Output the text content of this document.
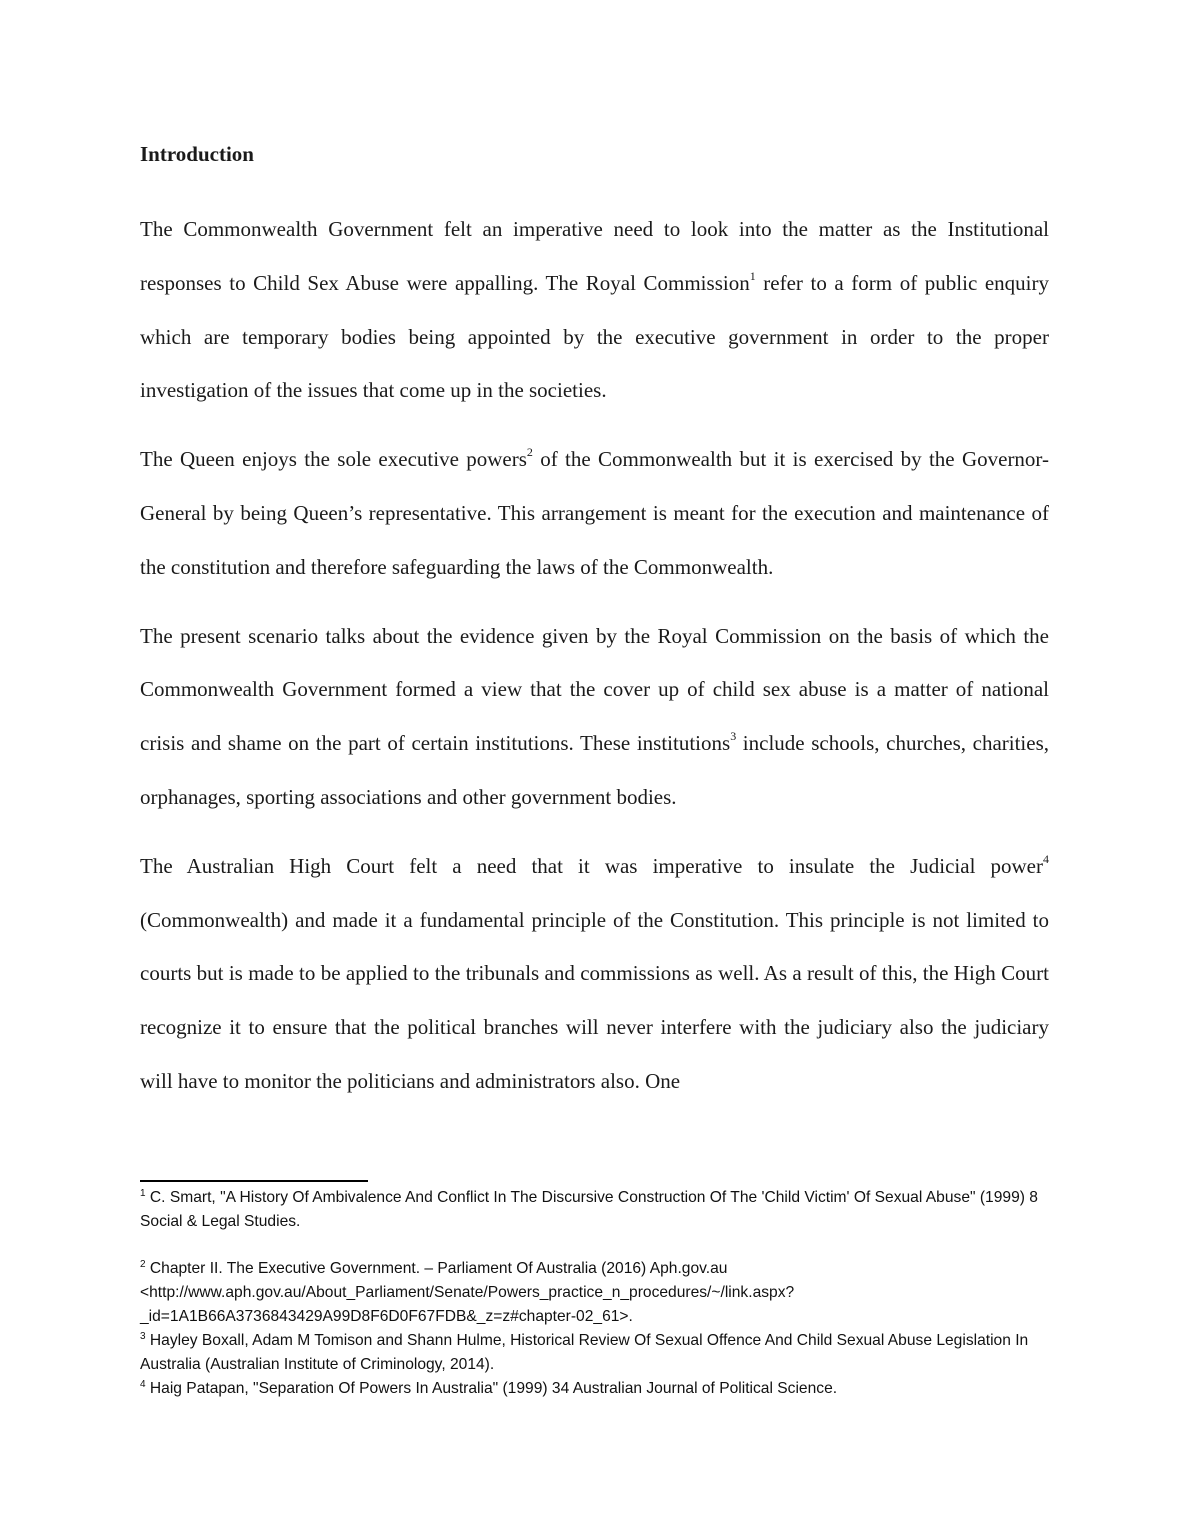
Introduction

The Commonwealth Government felt an imperative need to look into the matter as the Institutional responses to Child Sex Abuse were appalling. The Royal Commission$^1$ refer to a form of public enquiry which are temporary bodies being appointed by the executive government in order to the proper investigation of the issues that come up in the societies.

The Queen enjoys the sole executive powers$^2$ of the Commonwealth but it is exercised by the Governor-General by being Queen’s representative. This arrangement is meant for the execution and maintenance of the constitution and therefore safeguarding the laws of the Commonwealth.

The present scenario talks about the evidence given by the Royal Commission on the basis of which the Commonwealth Government formed a view that the cover up of child sex abuse is a matter of national crisis and shame on the part of certain institutions. These institutions$^3$ include schools, churches, charities, orphanages, sporting associations and other government bodies.

The Australian High Court felt a need that it was imperative to insulate the Judicial power$^4$ (Commonwealth) and made it a fundamental principle of the Constitution. This principle is not limited to courts but is made to be applied to the tribunals and commissions as well. As a result of this, the High Court recognize it to ensure that the political branches will never interfere with the judiciary also the judiciary will have to monitor the politicians and administrators also. One

$^1$ C. Smart, "A History Of Ambivalence And Conflict In The Discursive Construction Of The 'Child Victim' Of Sexual Abuse" (1999) 8 Social & Legal Studies.

$^2$ Chapter II. The Executive Government. – Parliament Of Australia (2016) Aph.gov.au <http://www.aph.gov.au/About_Parliament/Senate/Powers_practice_n_procedures/~/link.aspx?_id=1A1B66A3736843429A99D8F6D0F67FDB&_z=z#chapter-02_61>.

$^3$ Hayley Boxall, Adam M Tomison and Shann Hulme, Historical Review Of Sexual Offence And Child Sexual Abuse Legislation In Australia (Australian Institute of Criminology, 2014).

$^4$ Haig Patapan, "Separation Of Powers In Australia" (1999) 34 Australian Journal of Political Science.
